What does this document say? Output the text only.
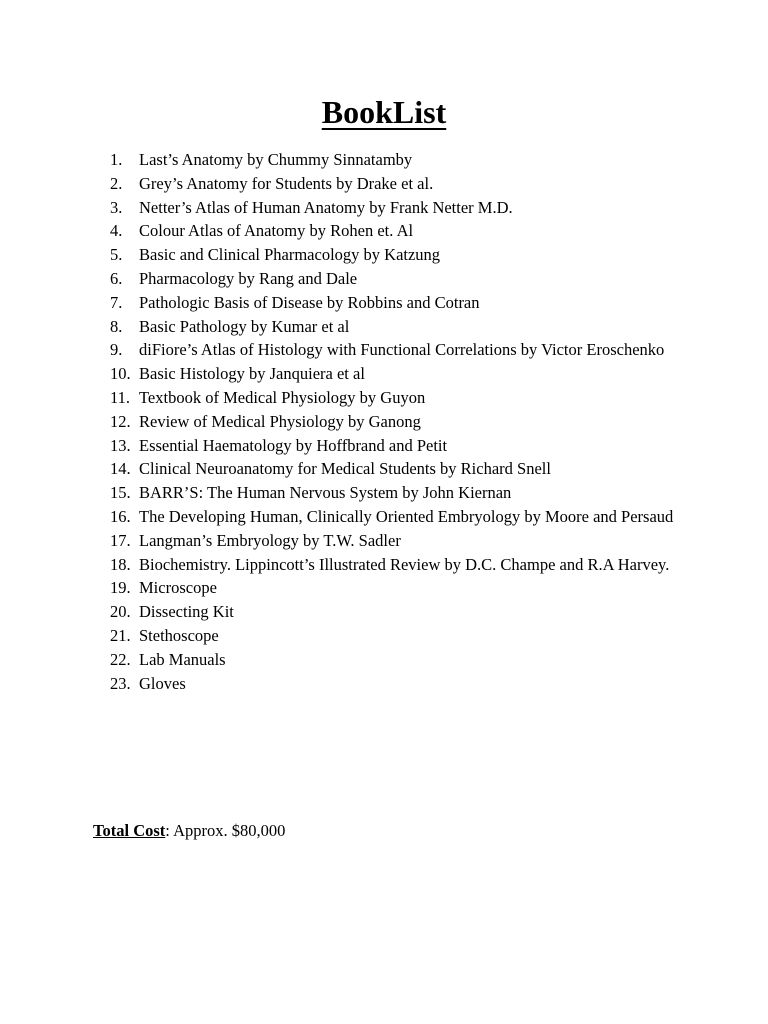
BookList
1. Last’s Anatomy by Chummy Sinnatamby
2. Grey’s Anatomy for Students by Drake et al.
3. Netter’s Atlas of Human Anatomy by Frank Netter M.D.
4. Colour Atlas of Anatomy by Rohen et. Al
5. Basic and Clinical Pharmacology by Katzung
6. Pharmacology by Rang and Dale
7. Pathologic Basis of Disease by Robbins and Cotran
8. Basic Pathology by Kumar et al
9. diFiore’s Atlas of Histology with Functional Correlations by Victor Eroschenko
10. Basic Histology by Janquiera et al
11. Textbook of Medical Physiology by Guyon
12. Review of Medical Physiology by Ganong
13. Essential Haematology by Hoffbrand and Petit
14. Clinical Neuroanatomy for Medical Students by Richard Snell
15. BARR’S: The Human Nervous System by John Kiernan
16. The Developing Human, Clinically Oriented Embryology by Moore and Persaud
17. Langman’s Embryology by T.W. Sadler
18. Biochemistry. Lippincott’s Illustrated Review by D.C. Champe and R.A Harvey.
19. Microscope
20. Dissecting Kit
21. Stethoscope
22. Lab Manuals
23. Gloves
Total Cost: Approx. $80,000
